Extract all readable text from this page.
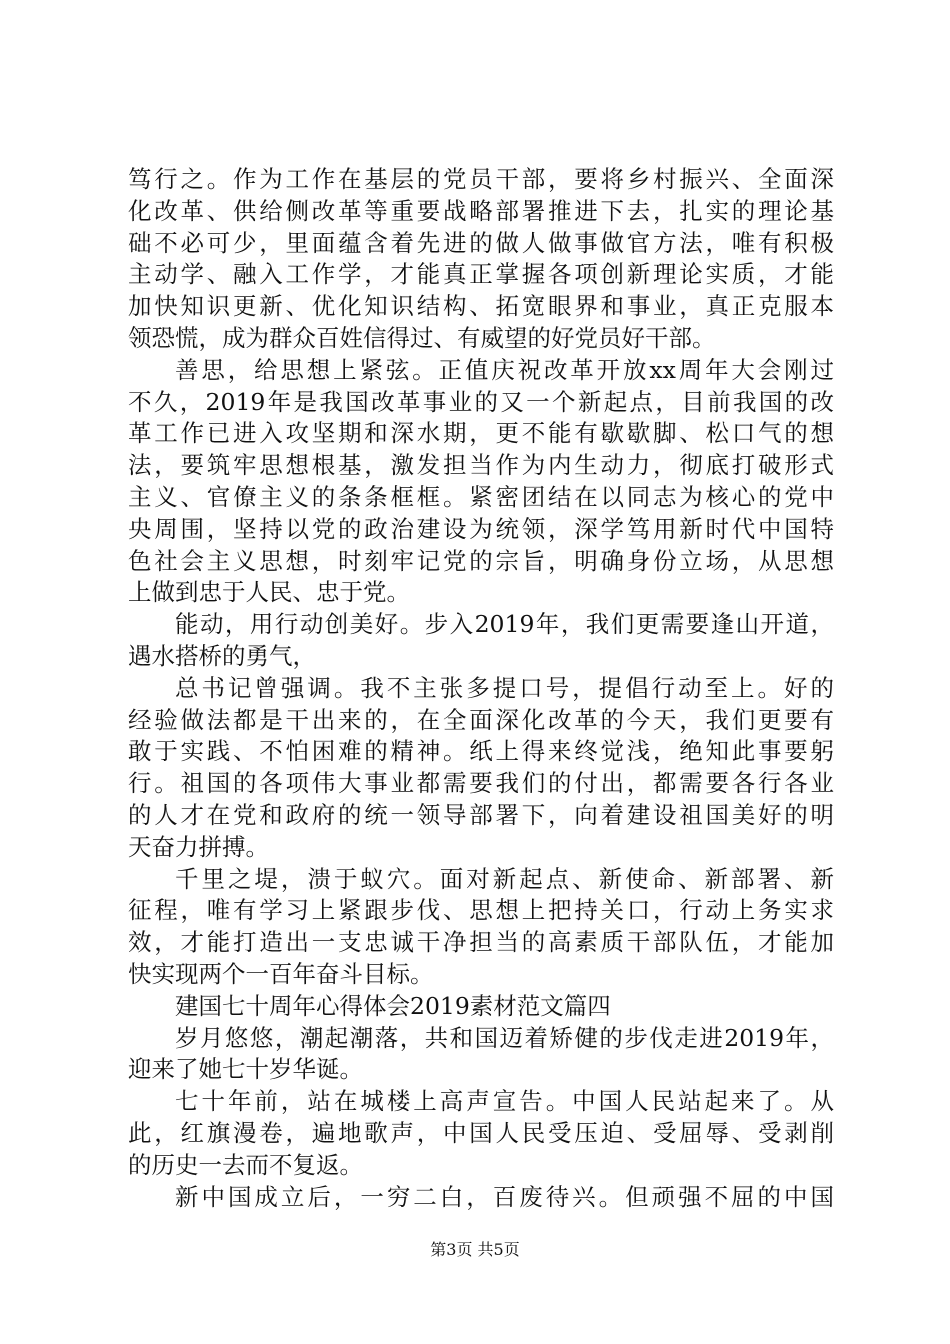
笃行之。作为工作在基层的党员干部，要将乡村振兴、全面深
化改革、供给侧改革等重要战略部署推进下去，扎实的理论基
础不必可少，里面蕴含着先进的做人做事做官方法，唯有积极
主动学、融入工作学，才能真正掌握各项创新理论实质，才能
加快知识更新、优化知识结构、拓宽眼界和事业，真正克服本
领恐慌，成为群众百姓信得过、有威望的好党员好干部。
善思，给思想上紧弦。正值庆祝改革开放xx周年大会刚过
不久，2019年是我国改革事业的又一个新起点，目前我国的改
革工作已进入攻坚期和深水期，更不能有歇歇脚、松口气的想
法，要筑牢思想根基，激发担当作为内生动力，彻底打破形式
主义、官僚主义的条条框框。紧密团结在以同志为核心的党中
央周围，坚持以党的政治建设为统领，深学笃用新时代中国特
色社会主义思想，时刻牢记党的宗旨，明确身份立场，从思想
上做到忠于人民、忠于党。
能动，用行动创美好。步入2019年，我们更需要逢山开道，
遇水搭桥的勇气，
总书记曾强调。我不主张多提口号，提倡行动至上。好的
经验做法都是干出来的，在全面深化改革的今天，我们更要有
敢于实践、不怕困难的精神。纸上得来终觉浅，绝知此事要躬
行。祖国的各项伟大事业都需要我们的付出，都需要各行各业
的人才在党和政府的统一领导部署下，向着建设祖国美好的明
天奋力拼搏。
千里之堤，溃于蚁穴。面对新起点、新使命、新部署、新
征程，唯有学习上紧跟步伐、思想上把持关口，行动上务实求
效，才能打造出一支忠诚干净担当的高素质干部队伍，才能加
快实现两个一百年奋斗目标。
建国七十周年心得体会2019素材范文篇四
岁月悠悠，潮起潮落，共和国迈着矫健的步伐走进2019年，
迎来了她七十岁华诞。
七十年前，站在城楼上高声宣告。中国人民站起来了。从
此，红旗漫卷，遍地歌声，中国人民受压迫、受屈辱、受剥削
的历史一去而不复返。
新中国成立后，一穷二白，百废待兴。但顽强不屈的中国
第3页 共5页
